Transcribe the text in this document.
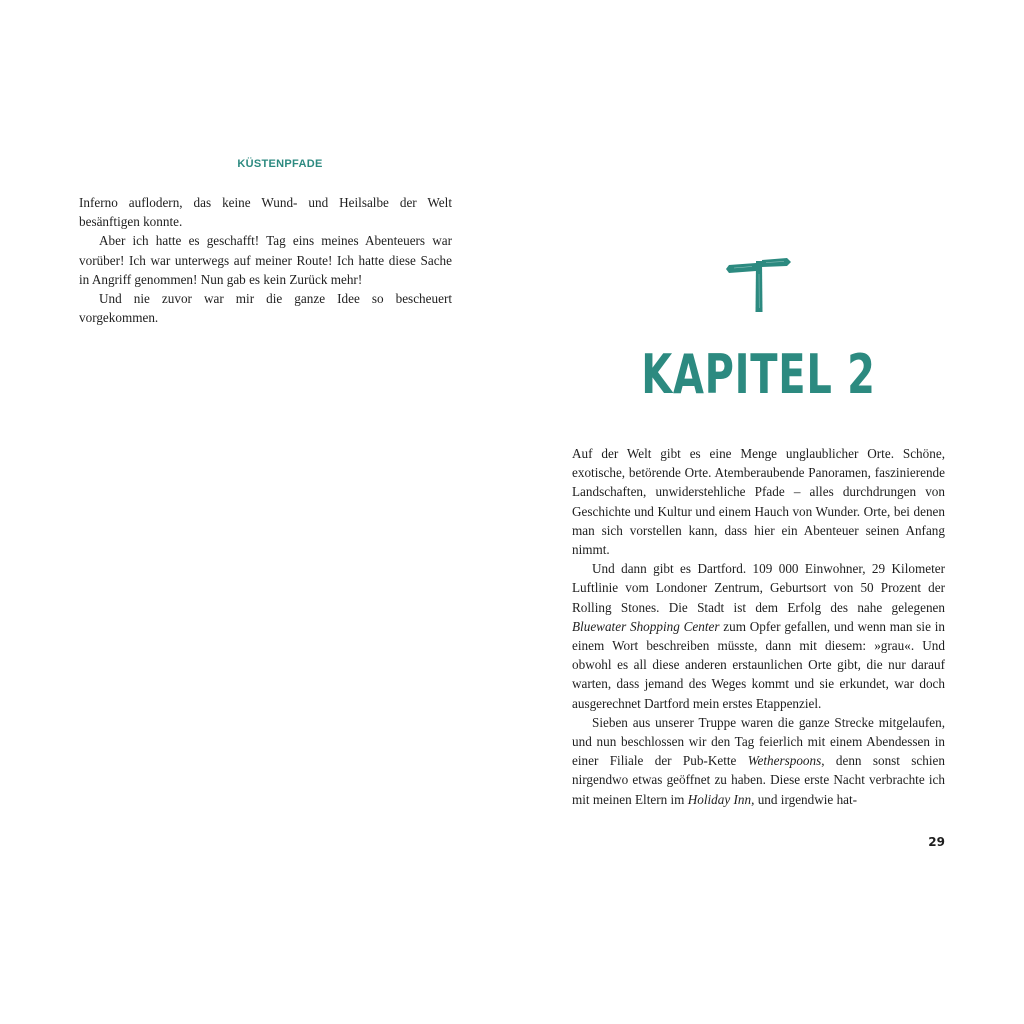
KÜSTENPFADE

Inferno auflodern, das keine Wund- und Heilsalbe der Welt besänftigen konnte.

Aber ich hatte es geschafft! Tag eins meines Abenteuers war vorüber! Ich war unterwegs auf meiner Route! Ich hatte diese Sache in Angriff genommen! Nun gab es kein Zurück mehr!

Und nie zuvor war mir die ganze Idee so bescheuert vorgekommen.

KAPITEL 2

Auf der Welt gibt es eine Menge unglaublicher Orte. Schöne, exotische, betörende Orte. Atemberaubende Panoramen, faszinierende Landschaften, unwiderstehliche Pfade – alles durchdrungen von Geschichte und Kultur und einem Hauch von Wunder. Orte, bei denen man sich vorstellen kann, dass hier ein Abenteuer seinen Anfang nimmt.

Und dann gibt es Dartford. 109 000 Einwohner, 29 Kilometer Luftlinie vom Londoner Zentrum, Geburtsort von 50 Prozent der Rolling Stones. Die Stadt ist dem Erfolg des nahe gelegenen Bluewater Shopping Center zum Opfer gefallen, und wenn man sie in einem Wort beschreiben müsste, dann mit diesem: »grau«. Und obwohl es all diese anderen erstaunlichen Orte gibt, die nur darauf warten, dass jemand des Weges kommt und sie erkundet, war doch ausgerechnet Dartford mein erstes Etappenziel.

Sieben aus unserer Truppe waren die ganze Strecke mitgelaufen, und nun beschlossen wir den Tag feierlich mit einem Abendessen in einer Filiale der Pub-Kette Wetherspoons, denn sonst schien nirgendwo etwas geöffnet zu haben. Diese erste Nacht verbrachte ich mit meinen Eltern im Holiday Inn, und irgendwie hat-

29
